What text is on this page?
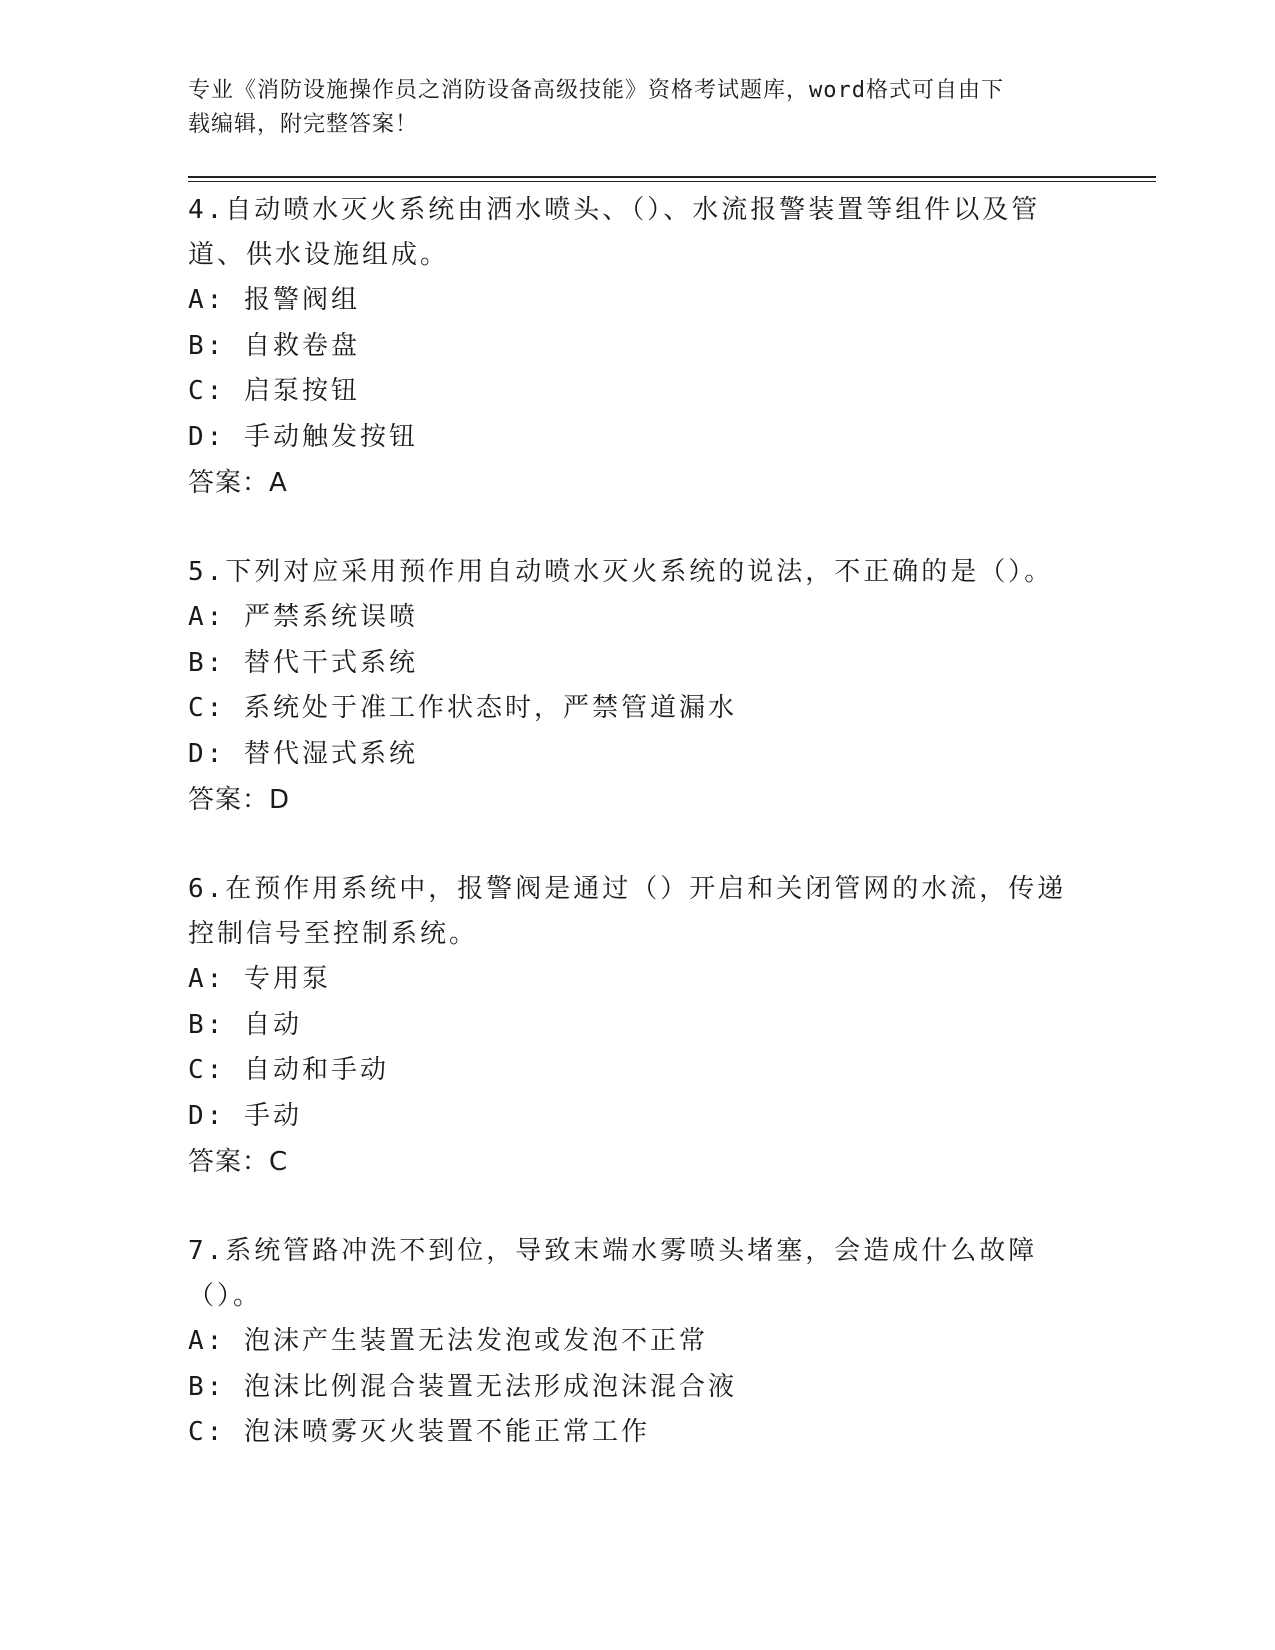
专业《消防设施操作员之消防设备高级技能》资格考试题库，word格式可自由下
载编辑，附完整答案！

4.自动喷水灭火系统由洒水喷头、（）、水流报警装置等组件以及管道、供水设施组成。

A: 报警阀组

B: 自救卷盘

C: 启泵按钮

D: 手动触发按钮

答案：A

5.下列对应采用预作用自动喷水灭火系统的说法，不正确的是（）。

A: 严禁系统误喷

B: 替代干式系统

C: 系统处于准工作状态时，严禁管道漏水

D: 替代湿式系统

答案：D

6.在预作用系统中，报警阀是通过（）开启和关闭管网的水流，传递控制信号至控制系统。

A: 专用泵

B: 自动

C: 自动和手动

D: 手动

答案：C

7.系统管路冲洗不到位，导致末端水雾喷头堵塞，会造成什么故障（）。

A: 泡沫产生装置无法发泡或发泡不正常

B: 泡沫比例混合装置无法形成泡沫混合液

C: 泡沫喷雾灭火装置不能正常工作
